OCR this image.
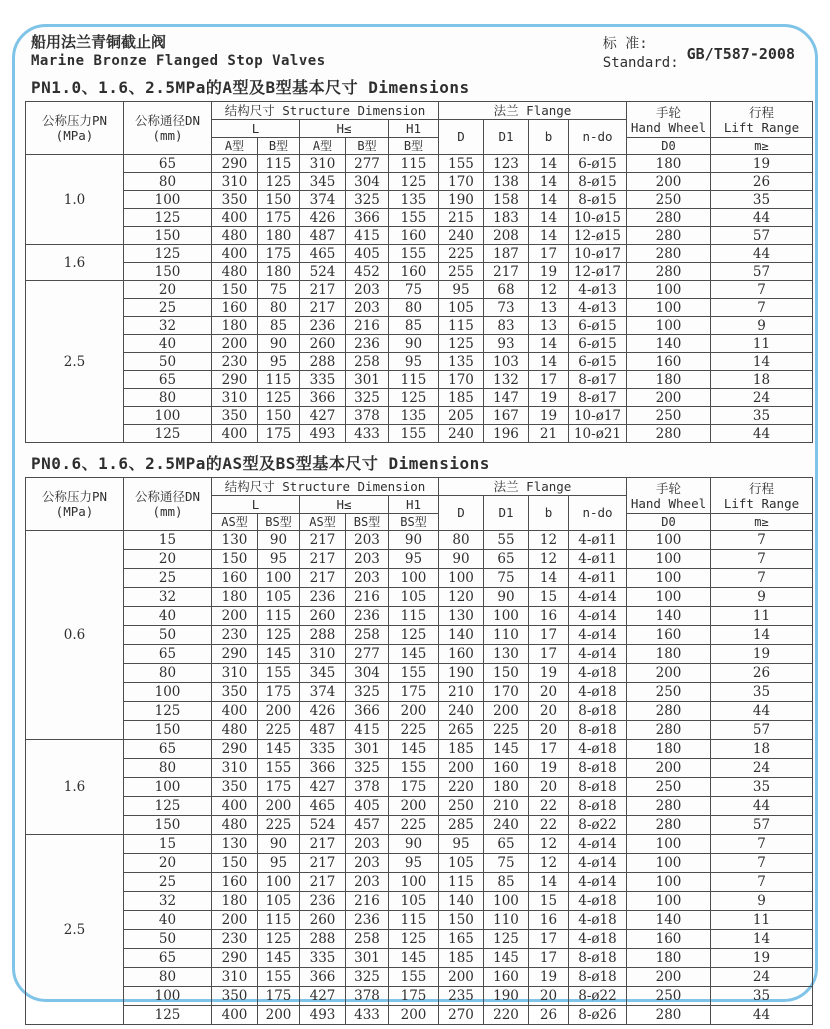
船用法兰青铜截止阀
Marine Bronze Flanged Stop Valves
标 准:
Standard: GB/T587-2008
PN1.0、1.6、2.5MPa的A型及B型基本尺寸 Dimensions
公称压力PN
(MPa)	公称通径DN
(mm)	结构尺寸 Structure Dimension					法兰 Flange				手轮
Hand Wheel	行程
Lift Range
		L		H≤		H1	D	D1	b	n-do		
		A型	B型	A型	B型	B型					D0	m≥
1.0	65	290	115	310	277	115	155	123	14	6-ø15	180	19
	80	310	125	345	304	125	170	138	14	8-ø15	200	26
	100	350	150	374	325	135	190	158	14	8-ø15	250	35
	125	400	175	426	366	155	215	183	14	10-ø15	280	44
	150	480	180	487	415	160	240	208	14	12-ø15	280	57
1.6	125	400	175	465	405	155	225	187	17	10-ø17	280	44
	150	480	180	524	452	160	255	217	19	12-ø17	280	57
2.5	20	150	75	217	203	75	95	68	12	4-ø13	100	7
	25	160	80	217	203	80	105	73	13	4-ø13	100	7
	32	180	85	236	216	85	115	83	13	6-ø15	100	9
	40	200	90	260	236	90	125	93	14	6-ø15	140	11
	50	230	95	288	258	95	135	103	14	6-ø15	160	14
	65	290	115	335	301	115	170	132	17	8-ø17	180	18
	80	310	125	366	325	125	185	147	19	8-ø17	200	24
	100	350	150	427	378	135	205	167	19	10-ø17	250	35
	125	400	175	493	433	155	240	196	21	10-ø21	280	44
PN0.6、1.6、2.5MPa的AS型及BS型基本尺寸 Dimensions
公称压力PN
(MPa)	公称通径DN
(mm)	结构尺寸 Structure Dimension					法兰 Flange				手轮
Hand Wheel	行程
Lift Range
		L		H≤		H1	D	D1	b	n-do		
		AS型	BS型	AS型	BS型	BS型					D0	m≥
0.6	15	130	90	217	203	90	80	55	12	4-ø11	100	7
	20	150	95	217	203	95	90	65	12	4-ø11	100	7
	25	160	100	217	203	100	100	75	14	4-ø11	100	7
	32	180	105	236	216	105	120	90	15	4-ø14	100	9
	40	200	115	260	236	115	130	100	16	4-ø14	140	11
	50	230	125	288	258	125	140	110	17	4-ø14	160	14
	65	290	145	310	277	145	160	130	17	4-ø14	180	19
	80	310	155	345	304	155	190	150	19	4-ø18	200	26
	100	350	175	374	325	175	210	170	20	4-ø18	250	35
	125	400	200	426	366	200	240	200	20	8-ø18	280	44
	150	480	225	487	415	225	265	225	20	8-ø18	280	57
1.6	65	290	145	335	301	145	185	145	17	4-ø18	180	18
	80	310	155	366	325	155	200	160	19	8-ø18	200	24
	100	350	175	427	378	175	220	180	20	8-ø18	250	35
	125	400	200	465	405	200	250	210	22	8-ø18	280	44
	150	480	225	524	457	225	285	240	22	8-ø22	280	57
2.5	15	130	90	217	203	90	95	65	12	4-ø14	100	7
	20	150	95	217	203	95	105	75	12	4-ø14	100	7
	25	160	100	217	203	100	115	85	14	4-ø14	100	7
	32	180	105	236	216	105	140	100	15	4-ø18	100	9
	40	200	115	260	236	115	150	110	16	4-ø18	140	11
	50	230	125	288	258	125	165	125	17	4-ø18	160	14
	65	290	145	335	301	145	185	145	17	8-ø18	180	19
	80	310	155	366	325	155	200	160	19	8-ø18	200	24
	100	350	175	427	378	175	235	190	20	8-ø22	250	35
	125	400	200	493	433	200	270	220	26	8-ø26	280	44
